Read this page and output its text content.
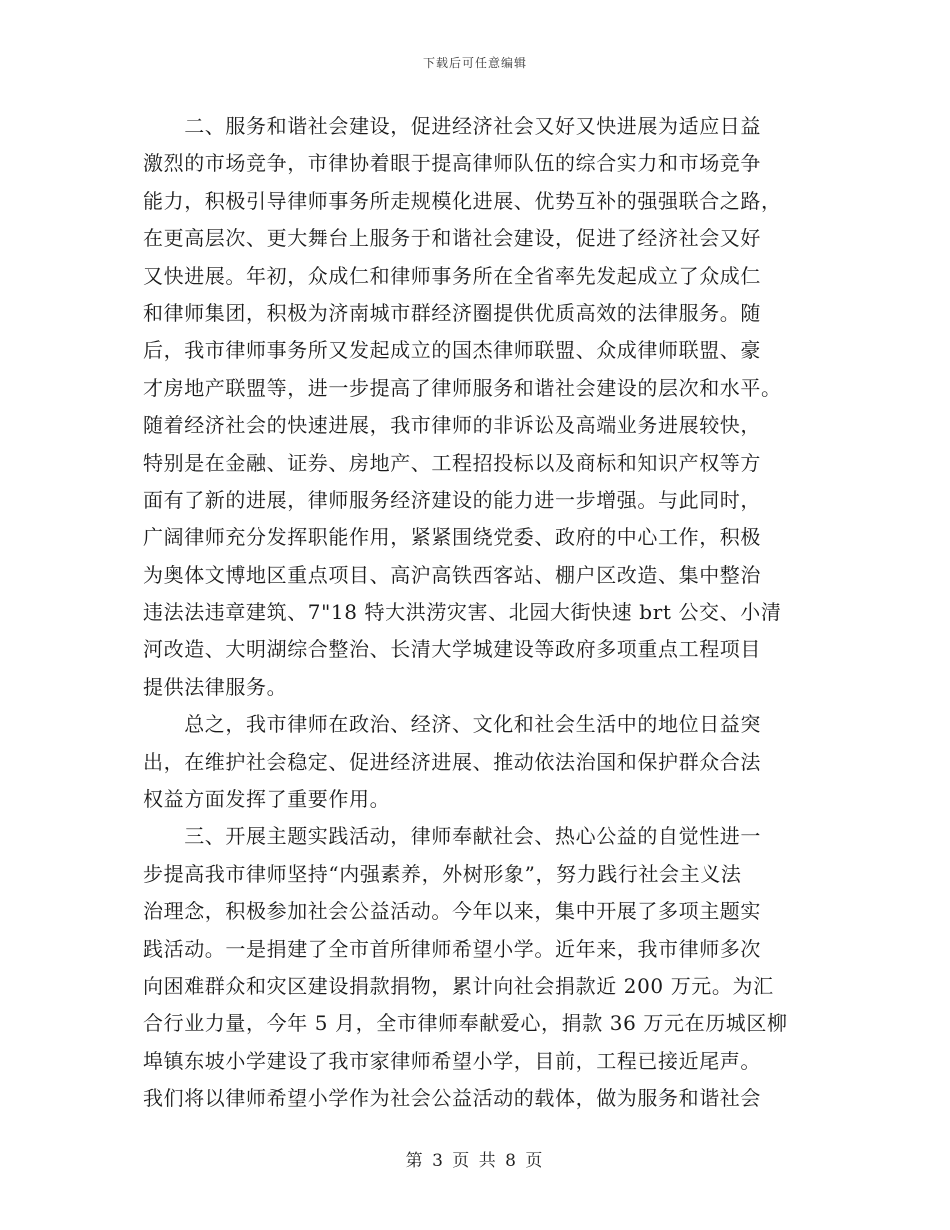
下载后可任意编辑
　　二、服务和谐社会建设，促进经济社会又好又快进展为适应日益
激烈的市场竞争，市律协着眼于提高律师队伍的综合实力和市场竞争
能力，积极引导律师事务所走规模化进展、优势互补的强强联合之路，
在更高层次、更大舞台上服务于和谐社会建设，促进了经济社会又好
又快进展。年初，众成仁和律师事务所在全省率先发起成立了众成仁
和律师集团，积极为济南城市群经济圈提供优质高效的法律服务。随
后，我市律师事务所又发起成立的国杰律师联盟、众成律师联盟、豪
才房地产联盟等，进一步提高了律师服务和谐社会建设的层次和水平。
随着经济社会的快速进展，我市律师的非诉讼及高端业务进展较快，
特别是在金融、证券、房地产、工程招投标以及商标和知识产权等方
面有了新的进展，律师服务经济建设的能力进一步增强。与此同时，
广阔律师充分发挥职能作用，紧紧围绕党委、政府的中心工作，积极
为奥体文博地区重点项目、高沪高铁西客站、棚户区改造、集中整治
违法法违章建筑、7"18 特大洪涝灾害、北园大街快速 brt 公交、小清
河改造、大明湖综合整治、长清大学城建设等政府多项重点工程项目
提供法律服务。
　　总之，我市律师在政治、经济、文化和社会生活中的地位日益突
出，在维护社会稳定、促进经济进展、推动依法治国和保护群众合法
权益方面发挥了重要作用。
　　三、开展主题实践活动，律师奉献社会、热心公益的自觉性进一
步提高我市律师坚持“内强素养，外树形象”，努力践行社会主义法
治理念，积极参加社会公益活动。今年以来，集中开展了多项主题实
践活动。一是捐建了全市首所律师希望小学。近年来，我市律师多次
向困难群众和灾区建设捐款捐物，累计向社会捐款近 200 万元。为汇
合行业力量，今年 5 月，全市律师奉献爱心，捐款 36 万元在历城区柳
埠镇东坡小学建设了我市家律师希望小学，目前，工程已接近尾声。
我们将以律师希望小学作为社会公益活动的载体，做为服务和谐社会
第 3 页 共 8 页
